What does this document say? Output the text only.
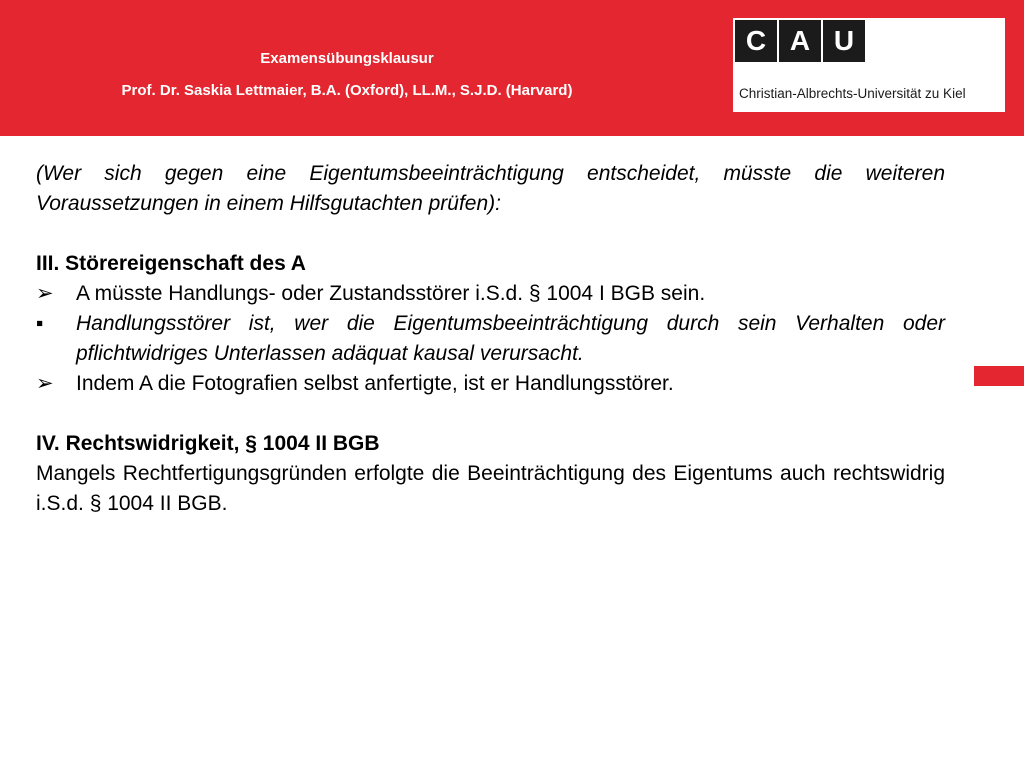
Examensübungsklausur

Prof. Dr. Saskia Lettmaier, B.A. (Oxford), LL.M., S.J.D. (Harvard)

C A U

Christian-Albrechts-Universität zu Kiel

(Wer sich gegen eine Eigentumsbeeinträchtigung entscheidet, müsste die weiteren Voraussetzungen in einem Hilfsgutachten prüfen):

III. Störereigenschaft des A

➢	A müsste Handlungs- oder Zustandsstörer i.S.d. § 1004 I BGB sein.

▪	Handlungsstörer ist, wer die Eigentumsbeeinträchtigung durch sein Verhalten oder pflichtwidriges Unterlassen adäquat kausal verursacht.

➢	Indem A die Fotografien selbst anfertigte, ist er Handlungsstörer.

IV. Rechtswidrigkeit, § 1004 II BGB

Mangels Rechtfertigungsgründen erfolgte die Beeinträchtigung des Eigentums auch rechtswidrig i.S.d. § 1004 II BGB.
